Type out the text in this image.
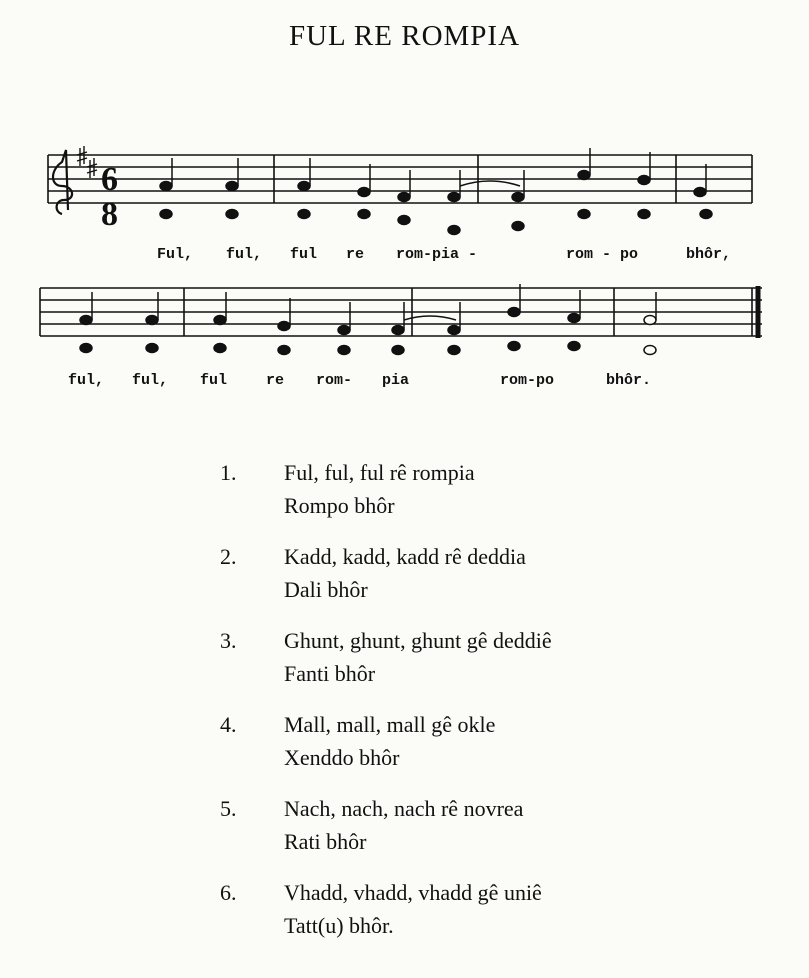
FUL RE ROMPIA
6
8
Ful, ful, ful re rom-pia -	rom - po	bhôr,
ful, ful, ful	re rom- pia	rom-po	bhôr.
1.	Ful, ful, ful rê rompia
Rompo bhôr
2.	Kadd, kadd, kadd rê deddia
Dali bhôr
3.	Ghunt, ghunt, ghunt gê deddiê
Fanti bhôr
4.	Mall, mall, mall gê okle
Xenddo bhôr
5.	Nach, nach, nach rê novrea
Rati bhôr
6.	Vhadd, vhadd, vhadd gê uniê
Tatt(u) bhôr.
